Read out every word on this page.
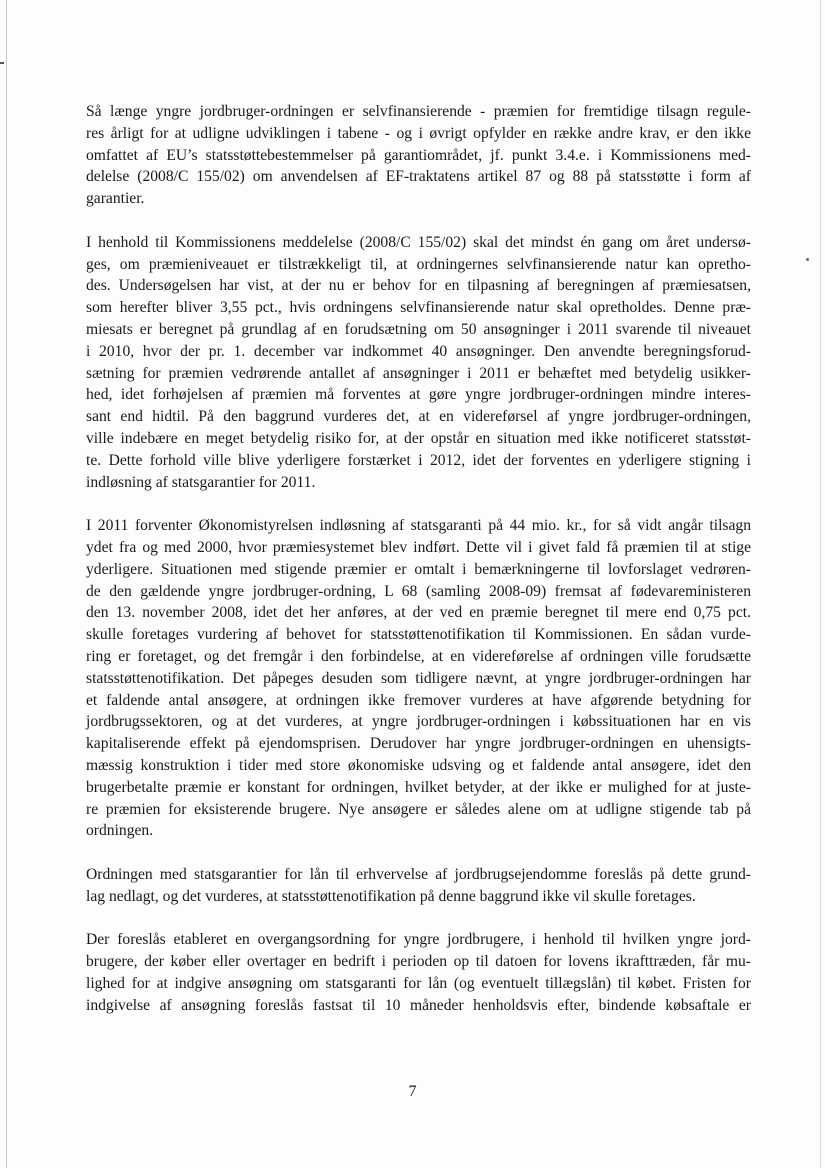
Så længe yngre jordbruger-ordningen er selvfinansierende - præmien for fremtidige tilsagn regule-
res årligt for at udligne udviklingen i tabene - og i øvrigt opfylder en række andre krav, er den ikke
omfattet af EU’s statsstøttebestemmelser på garantiområdet, jf. punkt 3.4.e. i Kommissionens med-
delelse (2008/C 155/02) om anvendelsen af EF-traktatens artikel 87 og 88 på statsstøtte i form af
garantier.

I henhold til Kommissionens meddelelse (2008/C 155/02) skal det mindst én gang om året undersø-
ges, om præmieniveauet er tilstrækkeligt til, at ordningernes selvfinansierende natur kan opretho-
des. Undersøgelsen har vist, at der nu er behov for en tilpasning af beregningen af præmiesatsen,
som herefter bliver 3,55 pct., hvis ordningens selvfinansierende natur skal opretholdes. Denne præ-
miesats er beregnet på grundlag af en forudsætning om 50 ansøgninger i 2011 svarende til niveauet
i 2010, hvor der pr. 1. december var indkommet 40 ansøgninger. Den anvendte beregningsforud-
sætning for præmien vedrørende antallet af ansøgninger i 2011 er behæftet med betydelig usikker-
hed, idet forhøjelsen af præmien må forventes at gøre yngre jordbruger-ordningen mindre interes-
sant end hidtil. På den baggrund vurderes det, at en videreførsel af yngre jordbruger-ordningen,
ville indebære en meget betydelig risiko for, at der opstår en situation med ikke notificeret statsstøt-
te. Dette forhold ville blive yderligere forstærket i 2012, idet der forventes en yderligere stigning i
indløsning af statsgarantier for 2011.

I 2011 forventer Økonomistyrelsen indløsning af statsgaranti på 44 mio. kr., for så vidt angår tilsagn
ydet fra og med 2000, hvor præmiesystemet blev indført. Dette vil i givet fald få præmien til at stige
yderligere. Situationen med stigende præmier er omtalt i bemærkningerne til lovforslaget vedrøren-
de den gældende yngre jordbruger-ordning, L 68 (samling 2008-09) fremsat af fødevareministeren
den 13. november 2008, idet det her anføres, at der ved en præmie beregnet til mere end 0,75 pct.
skulle foretages vurdering af behovet for statsstøttenotifikation til Kommissionen. En sådan vurde-
ring er foretaget, og det fremgår i den forbindelse, at en videreførelse af ordningen ville forudsætte
statsstøttenotifikation. Det påpeges desuden som tidligere nævnt, at yngre jordbruger-ordningen har
et faldende antal ansøgere, at ordningen ikke fremover vurderes at have afgørende betydning for
jordbrugssektoren, og at det vurderes, at yngre jordbruger-ordningen i købssituationen har en vis
kapitaliserende effekt på ejendomsprisen. Derudover har yngre jordbruger-ordningen en uhensigts-
mæssig konstruktion i tider med store økonomiske udsving og et faldende antal ansøgere, idet den
brugerbetalte præmie er konstant for ordningen, hvilket betyder, at der ikke er mulighed for at juste-
re præmien for eksisterende brugere. Nye ansøgere er således alene om at udligne stigende tab på
ordningen.

Ordningen med statsgarantier for lån til erhvervelse af jordbrugsejendomme foreslås på dette grund-
lag nedlagt, og det vurderes, at statsstøttenotifikation på denne baggrund ikke vil skulle foretages.

Der foreslås etableret en overgangsordning for yngre jordbrugere, i henhold til hvilken yngre jord-
brugere, der køber eller overtager en bedrift i perioden op til datoen for lovens ikrafttræden, får mu-
lighed for at indgive ansøgning om statsgaranti for lån (og eventuelt tillægslån) til købet. Fristen for
indgivelse af ansøgning foreslås fastsat til 10 måneder henholdsvis efter, bindende købsaftale er

7
